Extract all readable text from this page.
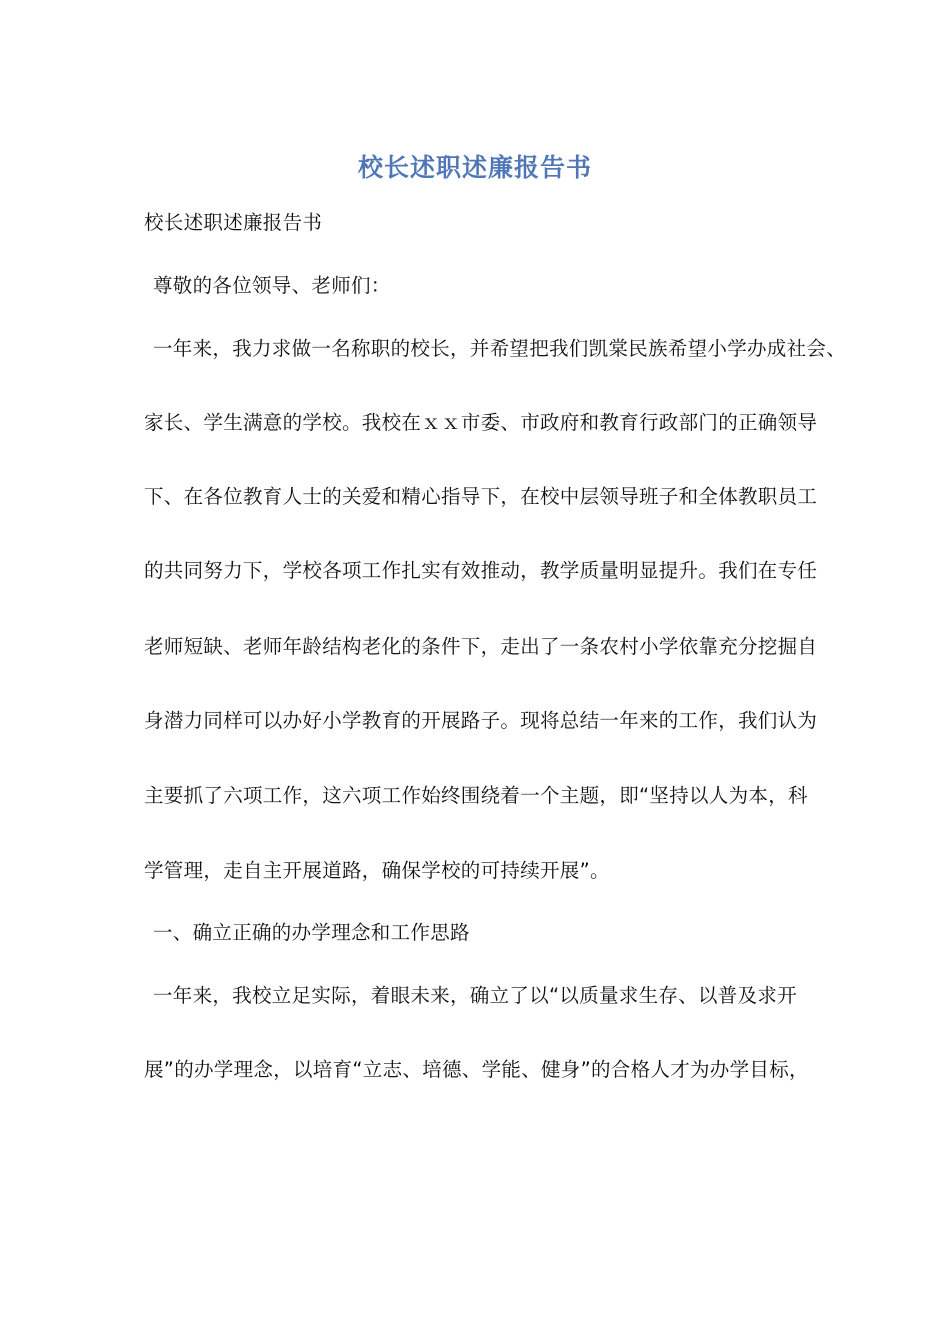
校长述职述廉报告书
校长述职述廉报告书
尊敬的各位领导、老师们：
一年来，我力求做一名称职的校长，并希望把我们凯棠民族希望小学办成社会、
家长、学生满意的学校。我校在ｘｘ市委、市政府和教育行政部门的正确领导
下、在各位教育人士的关爱和精心指导下，在校中层领导班子和全体教职员工
的共同努力下，学校各项工作扎实有效推动，教学质量明显提升。我们在专任
老师短缺、老师年龄结构老化的条件下，走出了一条农村小学依靠充分挖掘自
身潜力同样可以办好小学教育的开展路子。现将总结一年来的工作，我们认为
主要抓了六项工作，这六项工作始终围绕着一个主题，即“坚持以人为本，科
学管理，走自主开展道路，确保学校的可持续开展”。
一、确立正确的办学理念和工作思路
一年来，我校立足实际，着眼未来，确立了以“以质量求生存、以普及求开
展”的办学理念，以培育“立志、培德、学能、健身”的合格人才为办学目标，
